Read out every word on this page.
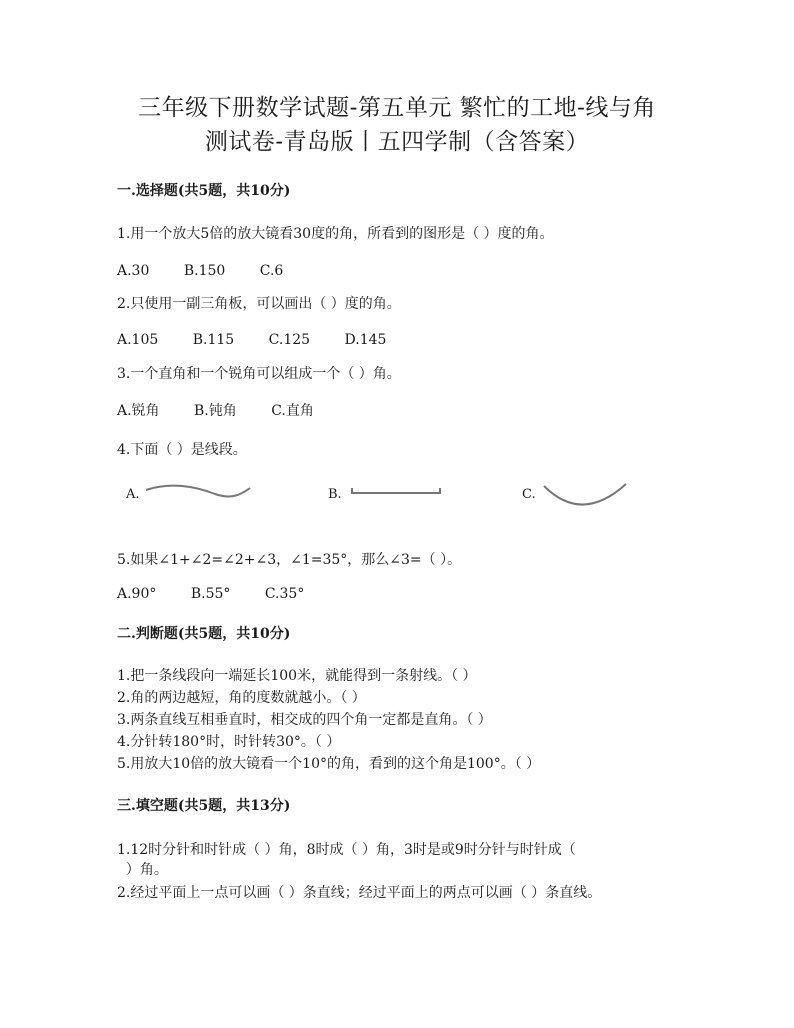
三年级下册数学试题-第五单元 繁忙的工地-线与角
测试卷-青岛版丨五四学制（含答案）
一.选择题(共5题，共10分)
1.用一个放大5倍的放大镜看30度的角，所看到的图形是（ ）度的角。
A.30 B.150 C.6
2.只使用一副三角板，可以画出（ ）度的角。
A.105 B.115 C.125 D.145
3.一个直角和一个锐角可以组成一个（ ）角。
A.锐角 B.钝角 C.直角
4.下面（ ）是线段。
A.	B.	C.
5.如果∠1+∠2=∠2+∠3，∠1=35°，那么∠3=（ ）。
A.90° B.55° C.35°
二.判断题(共5题，共10分)
1.把一条线段向一端延长100米，就能得到一条射线。（ ）
2.角的两边越短，角的度数就越小。（ ）
3.两条直线互相垂直时，相交成的四个角一定都是直角。（ ）
4.分针转180°时，时针转30°。（ ）
5.用放大10倍的放大镜看一个10°的角，看到的这个角是100°。（ ）
三.填空题(共5题，共13分)
1.12时分针和时针成（ ）角，8时成（ ）角，3时是或9时分针与时针成（
）角。
2.经过平面上一点可以画（ ）条直线；经过平面上的两点可以画（ ）条直线。
